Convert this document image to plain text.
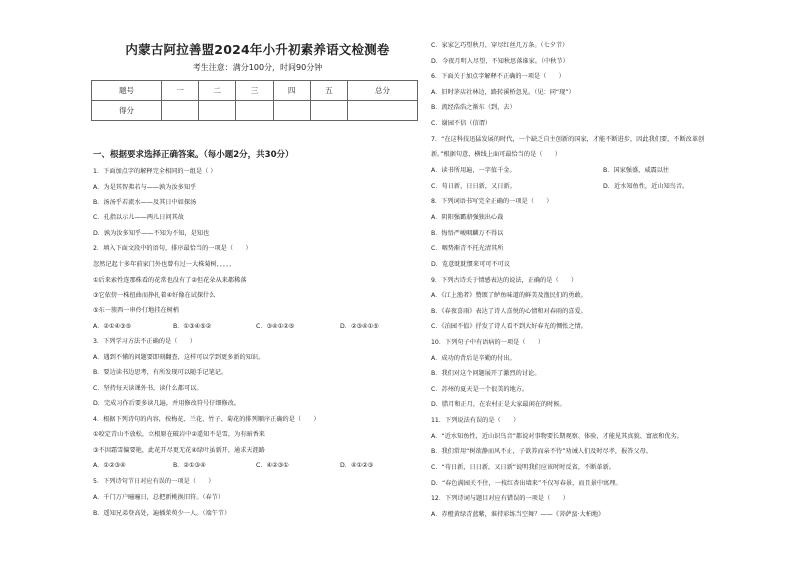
内蒙古阿拉善盟2024年小升初素养语文检测卷
考生注意：满分100分，时间90分钟
题号	一	二	三	四	五	总分
得分						
一、根据要求选择正确答案。（每小题2分，共30分）
1．下面加点字的解释完全相同的一组是（ ）
A．为是其智弗若与——孰为汝多知乎
B．汤汤乎若流水——及其日中如探汤
C．孔指以示儿——两儿日问其故
D．孰为汝多知乎——不知为不知，是知也
2．填入下面文段中的语句，排序最恰当的一项是（　　）
忽然记起十多年前家门外也曾有过一大株菊树，，，，，
①后来索性连那株看的花常也没有了②但花朵从来都稀落
③它依傍一株扭曲而挣扎着④好像在试探什么
⑤东一簇西一串伶仃地挂在树梢
A．②①④③⑤	B．①③④⑤②	C．③④①②⑤	D．②③④①⑤
3．下列学习方法不正确的是（　　）
A．遇到不懂的问题要即刻翻查，这样可以学到更多新的知识。
B．要边读书边思考，有所发现可以随手记笔记。
C．坚持每天读课外书，读什么都可以。
D．完成习作后要多读几遍，并用修改符号仔细修改。
4．根据下列诗句的内容，按梅花、兰花、竹子、菊花的排列顺序正确的是（　　）
①咬定青山不放松，立根原在破岩中②遥知不是雪，为有暗香来
③不因霜雪偏要艳，此花开尽更无花④绿叶虽新开，通求天涯路
A．①②③④	B．②①③④	C．④②③①	D．④①②③
5．下列诗句节日对应有误的一项是（　　）
A．千门万户曈曈日，总把新桃换旧符。（春节）
B．遥知兄弟登高处，遍插茱萸少一人。（端午节）
C．家家乞巧望秋月，穿尽红丝几万条。（七夕节）
D．今夜月明人尽望，不知秋思落谁家。（中秋节）
6．下面关于加点字解释不正确的一项是（　　）
A．旧时茅店社林边，路转溪桥忽见。（见：同“现”）
B．流经浩浩之渐东（到，去）
C．谢园不信（信谓）
7．“在这科技迅猛发展的时代，一个缺乏自主创新的国家，才能不断进步，因此我们要，不断改革创
新。”根据句意，横线上面可最恰当的是（　　）
A．读书所用遍，一字值千金。	B．国家强盛，威震以往
C．苟日新，日日新，又日新。	D．近水知鱼性，近山知鸟音。
8．下列词语书写完全正确的一项是（　　）
A．阴阳强霸鼎强独出心裁
B．悔悟严峻咽麟万不得以
C．咽势渐青不托光清其所
D．览意眈眈惯来可可不可议
9．下列古诗关于情感表达的说法，正确的是（　　）
A．《江上渔者》赞颂了鲈鱼味道的鲜美及渔民们的勇敢。
B．《春夜喜雨》表达了诗人喜悦的心情和对春雨的喜爱。
C．《泊园不值》抒发了诗人看不到大好春光的惆怅之情。
10．下列句子中有语病的一项是（　　）
A．成功的背后是辛勤的付出。
B．我们对这个问题展开了激烈的讨论。
C．苏州的夏天是一个很美的地方。
D．腊月和正月，在农村正是大家最闲在的时候。
11．下列说法有误的是（　　）
A．“近水知鱼性，近山识鸟音”都说对事物要长期观察、体验，才能见其真貌、富底和优劣。
B．我们常用“树欲静而风不止，子欲养而亲不待”劝诫人们及时尽孝，报答父母。
C．“苟日新，日日新，又日新”说明我们应该时时反省，不断革新。
D．“春色满园关不住，一枝红杏出墙来”不仅写春景，而且景中寓理。
12．下列诗词与题目对应有错误的一项是（　　）
A．赤橙黄绿青蓝紫，谁持彩练当空舞？——《菩萨蛮·大柏地》
